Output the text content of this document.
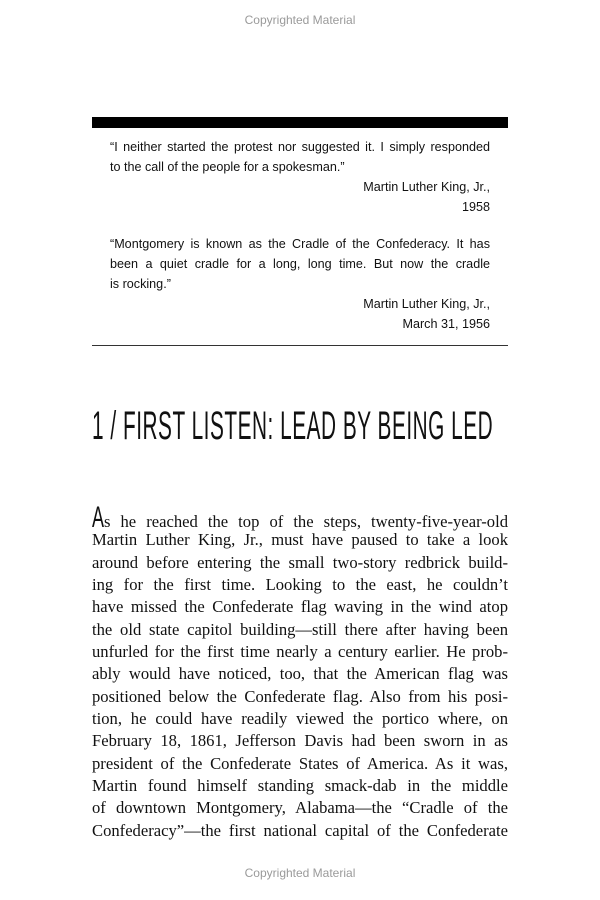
Copyrighted Material
“I neither started the protest nor suggested it. I simply responded
to the call of the people for a spokesman.”
Martin Luther King, Jr.,
1958
“Montgomery is known as the Cradle of the Confederacy. It has
been a quiet cradle for a long, long time. But now the cradle
is rocking.”
Martin Luther King, Jr.,
March 31, 1956
1 / FIRST LISTEN: LEAD BY BEING LED
As he reached the top of the steps, twenty-five-year-old
Martin Luther King, Jr., must have paused to take a look
around before entering the small two-story redbrick build-
ing for the first time. Looking to the east, he couldn’t
have missed the Confederate flag waving in the wind atop
the old state capitol building—still there after having been
unfurled for the first time nearly a century earlier. He prob-
ably would have noticed, too, that the American flag was
positioned below the Confederate flag. Also from his posi-
tion, he could have readily viewed the portico where, on
February 18, 1861, Jefferson Davis had been sworn in as
president of the Confederate States of America. As it was,
Martin found himself standing smack-dab in the middle
of downtown Montgomery, Alabama—the “Cradle of the
Confederacy”—the first national capital of the Confederate
Copyrighted Material
